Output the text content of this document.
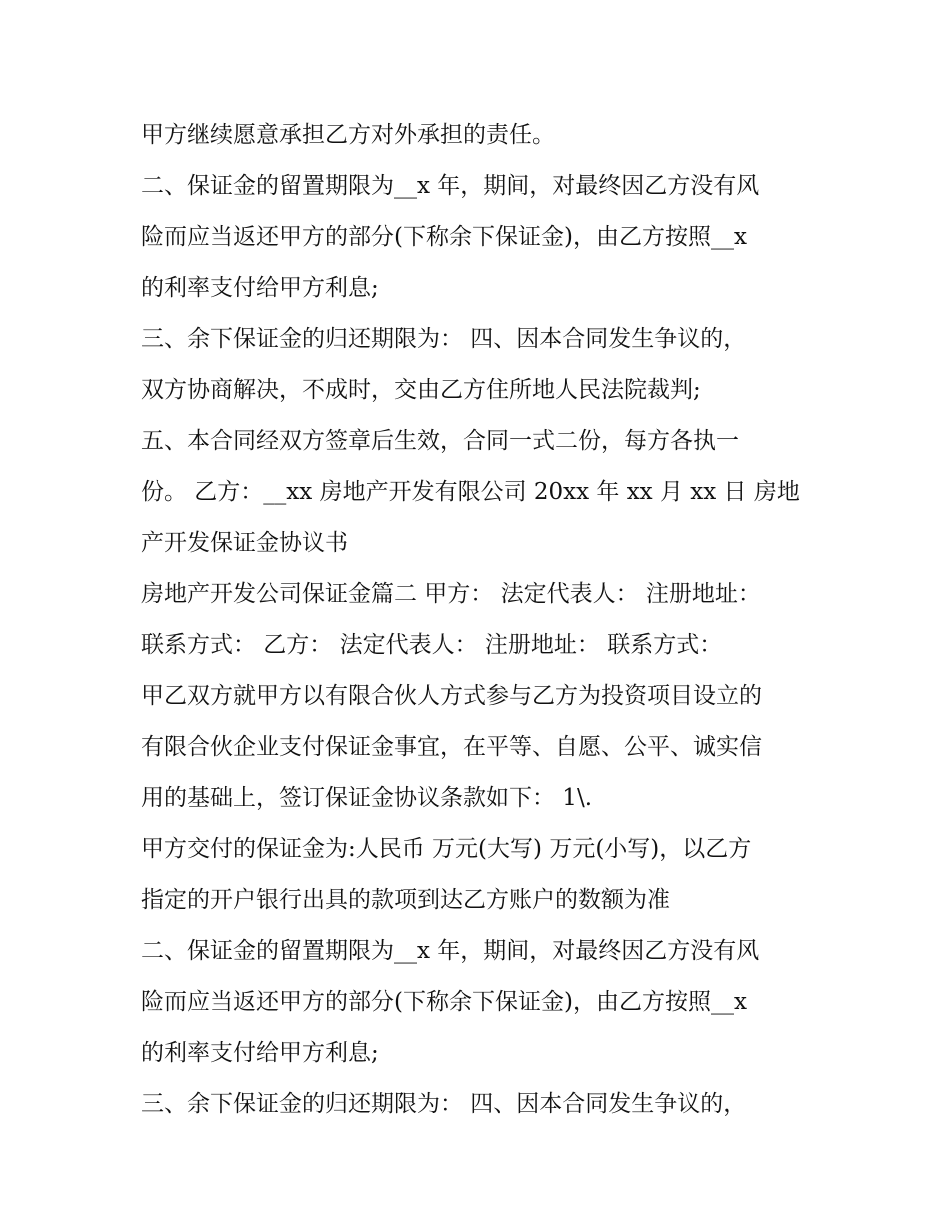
甲方继续愿意承担乙方对外承担的责任。
二、保证金的留置期限为__x 年，期间，对最终因乙方没有风
险而应当返还甲方的部分(下称余下保证金)，由乙方按照__x
的利率支付给甲方利息;
三、余下保证金的归还期限为： 四、因本合同发生争议的，
双方协商解决，不成时，交由乙方住所地人民法院裁判;
五、本合同经双方签章后生效，合同一式二份，每方各执一
份。 乙方：__xx 房地产开发有限公司 20xx 年 xx 月 xx 日 房地
产开发保证金协议书
房地产开发公司保证金篇二 甲方： 法定代表人： 注册地址：
联系方式： 乙方： 法定代表人： 注册地址： 联系方式：
甲乙双方就甲方以有限合伙人方式参与乙方为投资项目设立的
有限合伙企业支付保证金事宜，在平等、自愿、公平、诚实信
用的基础上，签订保证金协议条款如下： 1\.
甲方交付的保证金为:人民币 万元(大写) 万元(小写)，以乙方
指定的开户银行出具的款项到达乙方账户的数额为准
二、保证金的留置期限为__x 年，期间，对最终因乙方没有风
险而应当返还甲方的部分(下称余下保证金)，由乙方按照__x
的利率支付给甲方利息;
三、余下保证金的归还期限为： 四、因本合同发生争议的，
